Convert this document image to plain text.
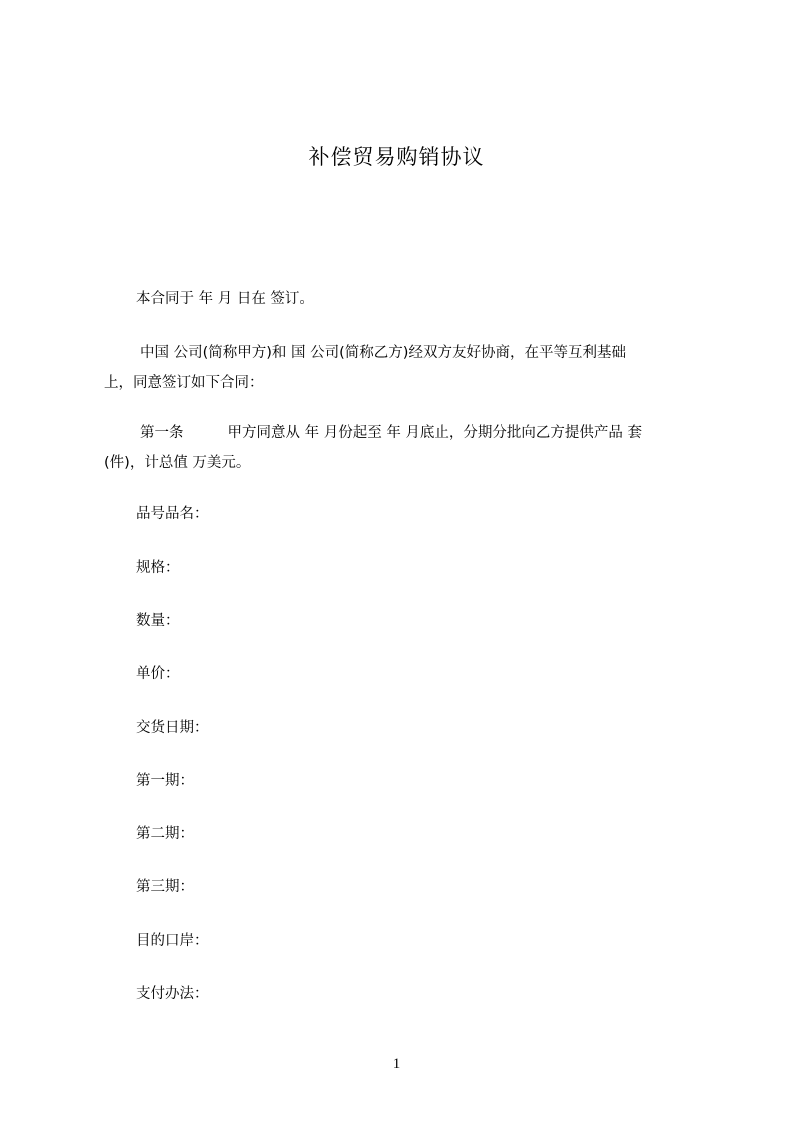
补偿贸易购销协议
本合同于 年 月 日在 签订。
中国 公司(简称甲方)和 国 公司(简称乙方)经双方友好协商，在平等互利基础
上，同意签订如下合同：
第一条	甲方同意从 年 月份起至 年 月底止，分期分批向乙方提供产品 套
(件)，计总值 万美元。
品号品名：
规格：
数量：
单价：
交货日期：
第一期：
第二期：
第三期：
目的口岸：
支付办法：
1
